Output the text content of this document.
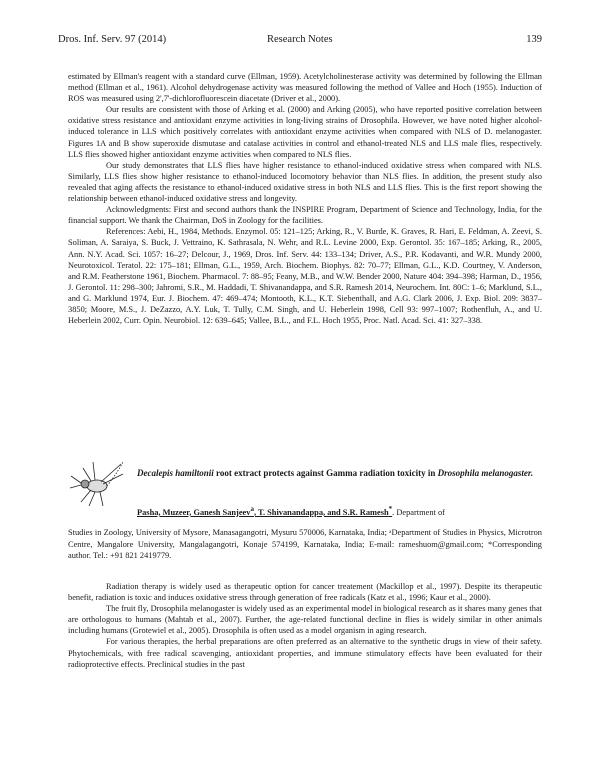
Dros. Inf. Serv. 97 (2014)	Research Notes	139

estimated by Ellman's reagent with a standard curve (Ellman, 1959). Acetylcholinesterase activity was determined by following the Ellman method (Ellman et al., 1961). Alcohol dehydrogenase activity was measured following the method of Vallee and Hoch (1955). Induction of ROS was measured using 2',7'-dichlorofluorescein diacetate (Driver et al., 2000).

Our results are consistent with those of Arking et al. (2000) and Arking (2005), who have reported positive correlation between oxidative stress resistance and antioxidant enzyme activities in long-living strains of Drosophila. However, we have noted higher alcohol-induced tolerance in LLS which positively correlates with antioxidant enzyme activities when compared with NLS of D. melanogaster. Figures 1A and B show superoxide dismutase and catalase activities in control and ethanol-treated NLS and LLS male flies, respectively. LLS flies showed higher antioxidant enzyme activities when compared to NLS flies.

Our study demonstrates that LLS flies have higher resistance to ethanol-induced oxidative stress when compared with NLS. Similarly, LLS flies show higher resistance to ethanol-induced locomotory behavior than NLS flies. In addition, the present study also revealed that aging affects the resistance to ethanol-induced oxidative stress in both NLS and LLS flies. This is the first report showing the relationship between ethanol-induced oxidative stress and longevity.

Acknowledgments: First and second authors thank the INSPIRE Program, Department of Science and Technology, India, for the financial support. We thank the Chairman, DoS in Zoology for the facilities.

References: Aebi, H., 1984, Methods. Enzymol. 05: 121–125; Arking, R., V. Burde, K. Graves, R. Hari, E. Feldman, A. Zeevi, S. Soliman, A. Saraiya, S. Buck, J. Vettraino, K. Sathrasala, N. Wehr, and R.L. Levine 2000, Exp. Gerontol. 35: 167–185; Arking, R., 2005, Ann. N.Y. Acad. Sci. 1057: 16–27; Delcour, J., 1969, Dros. Inf. Serv. 44: 133–134; Driver, A.S., P.R. Kodavanti, and W.R. Mundy 2000, Neurotoxicol. Teratol. 22: 175–181; Ellman, G.L., 1959, Arch. Biochem. Biophys. 82: 70–77; Ellman, G.L., K.D. Courtney, V. Anderson, and R.M. Featherstone 1961, Biochem. Pharmacol. 7: 88–95; Feany, M.B., and W.W. Bender 2000, Nature 404: 394–398; Harman, D., 1956, J. Gerontol. 11: 298–300; Jahromi, S.R., M. Haddadi, T. Shivanandappa, and S.R. Ramesh 2014, Neurochem. Int. 80C: 1–6; Marklund, S.L., and G. Marklund 1974, Eur. J. Biochem. 47: 469–474; Montooth, K.L., K.T. Siebenthall, and A.G. Clark 2006, J. Exp. Biol. 209: 3837–3850; Moore, M.S., J. DeZazzo, A.Y. Luk, T. Tully, C.M. Singh, and U. Heberlein 1998, Cell 93: 997–1007; Rothenfluh, A., and U. Heberlein 2002, Curr. Opin. Neurobiol. 12: 639–645; Vallee, B.L., and F.L. Hoch 1955, Proc. Natl. Acad. Sci. 41: 327–338.

Decalepis hamiltonii root extract protects against Gamma radiation toxicity in Drosophila melanogaster.
Pasha, Muzeer, Ganesh Sanjeev$^a$, T. Shivanandappa, and S.R. Ramesh*. Department of
Studies in Zoology, University of Mysore, Manasagangotri, Mysuru 570006, Karnataka, India; ᵃDepartment of Studies in Physics, Microtron Centre, Mangalore University, Mangalagangotri, Konaje 574199, Karnataka, India; E-mail: rameshuom@gmail.com; *Corresponding author. Tel.: +91 821 2419779.

Radiation therapy is widely used as therapeutic option for cancer treatement (Mackillop et al., 1997). Despite its therapeutic benefit, radiation is toxic and induces oxidative stress through generation of free radicals (Katz et al., 1996; Kaur et al., 2000).

The fruit fly, Drosophila melanogaster is widely used as an experimental model in biological research as it shares many genes that are orthologous to humans (Mahtab et al., 2007). Further, the age-related functional decline in flies is widely similar in other animals including humans (Grotewiel et al., 2005). Drosophila is often used as a model organism in aging research.

For various therapies, the herbal preparations are often preferred as an alternative to the synthetic drugs in view of their safety. Phytochemicals, with free radical scavenging, antioxidant properties, and immune stimulatory effects have been evaluated for their radioprotective effects. Preclinical studies in the past
